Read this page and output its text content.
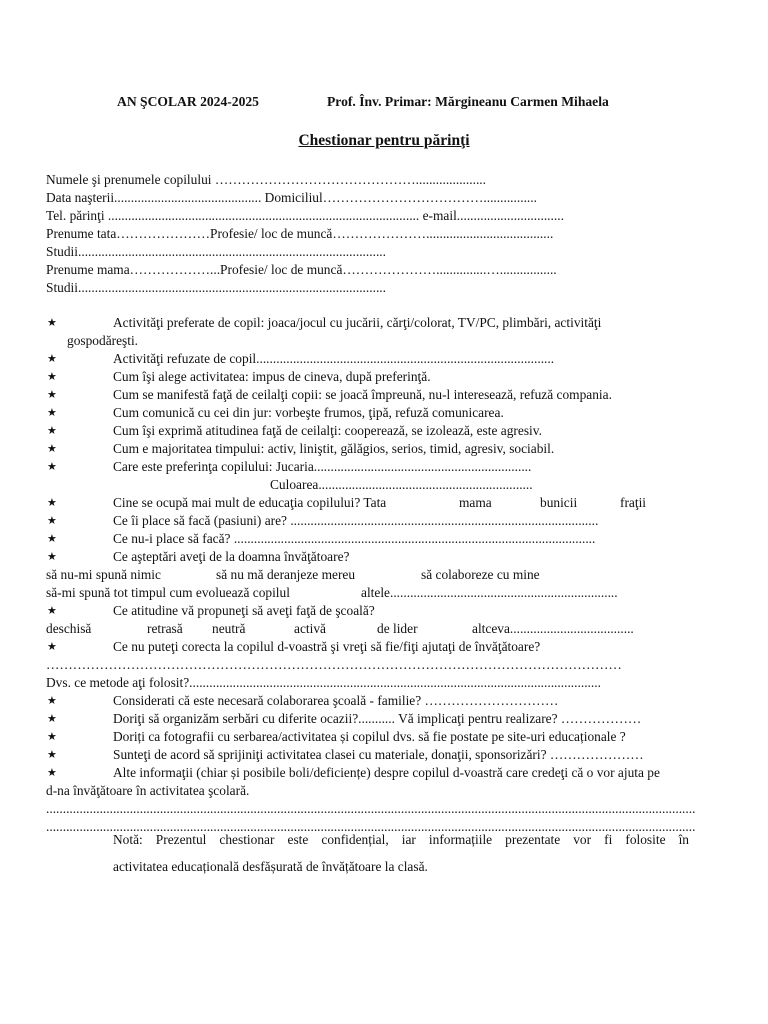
AN ŞCOLAR 2024-2025	Prof. Înv. Primar: Mărgineanu Carmen Mihaela
Chestionar pentru părinţi
Numele şi prenumele copilului ……………………………………….....................
Data naşterii............................................ Domiciliul………………………………................
Tel. părinţi ............................................................................................. e-mail................................
Prenume tata…………………Profesie/ loc de muncă…………………......................................
Studii............................................................................................
Prenume mama………………...Profesie/ loc de muncă…………………...............….................
Studii............................................................................................
★	Activităţi preferate de copil: joaca/jocul cu jucării, cărţi/colorat, TV/PC, plimbări, activităţi
gospodăreşti.
★	Activităţi refuzate de copil.........................................................................................
★	Cum îşi alege activitatea: impus de cineva, după preferinţă.
★	Cum se manifestă faţă de ceilalţi copii: se joacă împreună, nu-l interesează, refuză compania.
★	Cum comunică cu cei din jur: vorbeşte frumos, ţipă, refuză comunicarea.
★	Cum îşi exprimă atitudinea faţă de ceilalţi: cooperează, se izolează, este agresiv.
★	Cum e majoritatea timpului: activ, liniştit, gălăgios, serios, timid, agresiv, sociabil.
★	Care este preferinţa copilului: Jucaria.................................................................
Culoarea................................................................
★	Cine se ocupă mai mult de educaţia copilului? Tata	mama	bunicii	fraţii
★	Ce îi place să facă (pasiuni) are? ............................................................................................
★	Ce nu-i place să facă? ............................................................................................................
★	Ce aşteptări aveţi de la doamna învăţătoare?
să nu-mi spună nimic	să nu mă deranjeze mereu	să colaboreze cu mine
să-mi spună tot timpul cum evoluează copilul	altele....................................................................
★	Ce atitudine vă propuneţi să aveţi faţă de şcoală?
deschisă	retrasă neutră	activă	de lider	altceva.....................................
★	Ce nu puteţi corecta la copilul d-voastră şi vreţi să fie/fiţi ajutaţi de învăţătoare?
…………………………………………………………………………………………………………………
Dvs. ce metode aţi folosit?...........................................................................................................................
★	Considerati că este necesară colaborarea şcoală - familie? …………………………
★	Doriţi să organizăm serbări cu diferite ocazii?........... Vă implicaţi pentru realizare? ………………
★	Doriți ca fotografii cu serbarea/activitatea și copilul dvs. să fie postate pe site-uri educaționale ?
★	Sunteţi de acord să sprijiniţi activitatea clasei cu materiale, donaţii, sponsorizări? …………………
★	Alte informaţii (chiar și posibile boli/deficiențe) despre copilul d-voastră care credeţi că o vor ajuta pe
d-na învăţătoare în activitatea şcolară.
..................................................................................................................................................................................................
..................................................................................................................................................................................................
Notă: Prezentul chestionar este confidențial, iar informațiile prezentate vor fi folosite în
activitatea educațională desfășurată de învățătoare la clasă.
